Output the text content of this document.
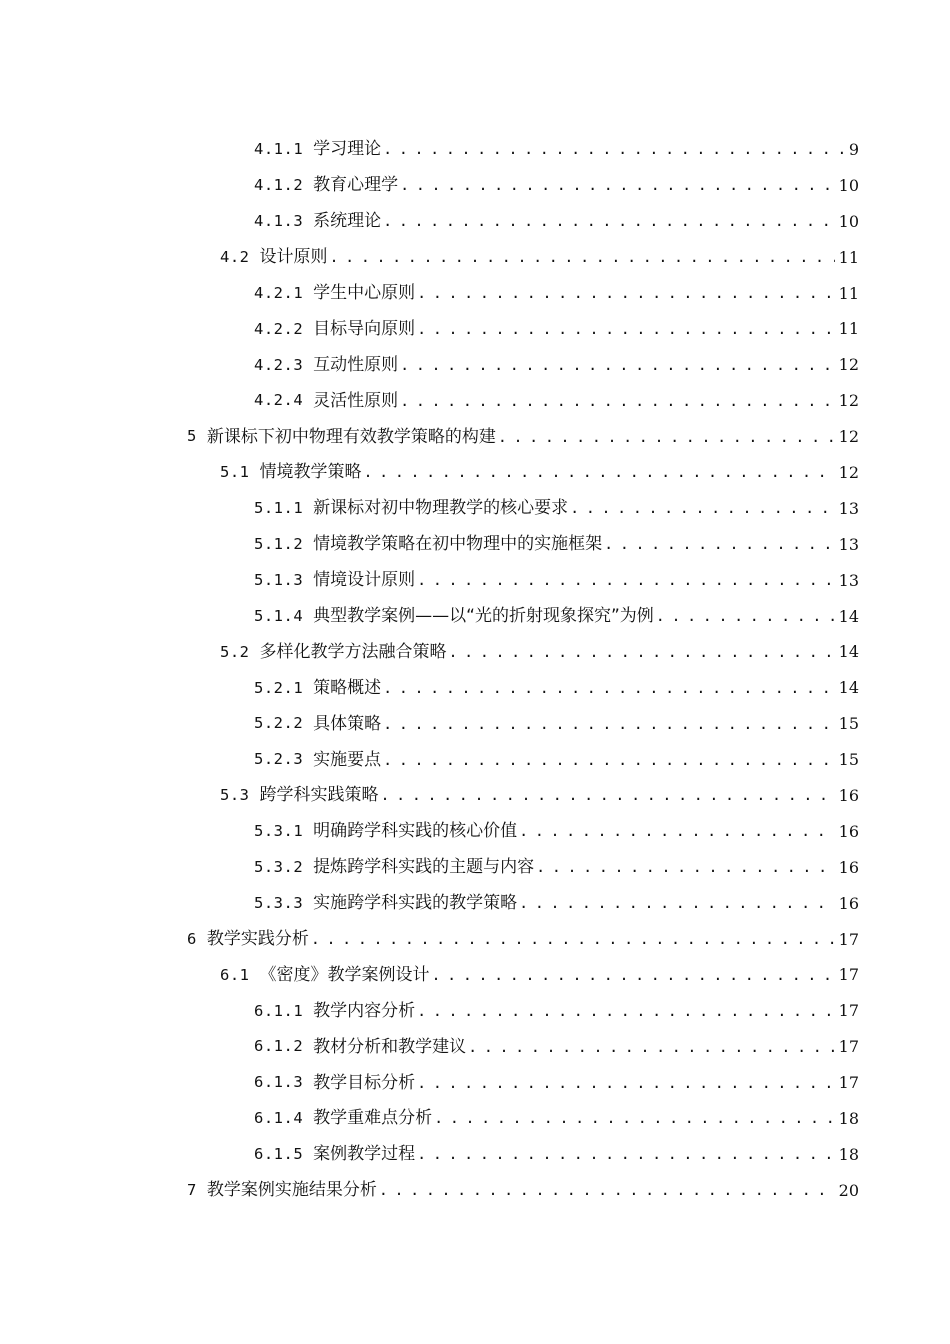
4.1.1 学习理论 . . .	9
4.1.2 教育心理学 . . .	10
4.1.3 系统理论 . . .	10
4.2 设计原则 . . .	11
4.2.1 学生中心原则 . . .	11
4.2.2 目标导向原则 . . .	11
4.2.3 互动性原则 . . .	12
4.2.4 灵活性原则 . . .	12
5 新课标下初中物理有效教学策略的构建 . . .	12
5.1 情境教学策略 . . .	12
5.1.1 新课标对初中物理教学的核心要求 . . .	13
5.1.2 情境教学策略在初中物理中的实施框架 . . .	13
5.1.3 情境设计原则 . . .	13
5.1.4 典型教学案例——以“光的折射现象探究”为例 . . .	14
5.2 多样化教学方法融合策略 . . .	14
5.2.1 策略概述 . . .	14
5.2.2 具体策略 . . .	15
5.2.3 实施要点 . . .	15
5.3 跨学科实践策略 . . .	16
5.3.1 明确跨学科实践的核心价值 . . .	16
5.3.2 提炼跨学科实践的主题与内容 . . .	16
5.3.3 实施跨学科实践的教学策略 . . .	16
6 教学实践分析 . . .	17
6.1 《密度》教学案例设计 . . .	17
6.1.1 教学内容分析 . . .	17
6.1.2 教材分析和教学建议 . . .	17
6.1.3 教学目标分析 . . .	17
6.1.4 教学重难点分析 . . .	18
6.1.5 案例教学过程 . . .	18
7 教学案例实施结果分析 . . .	20
